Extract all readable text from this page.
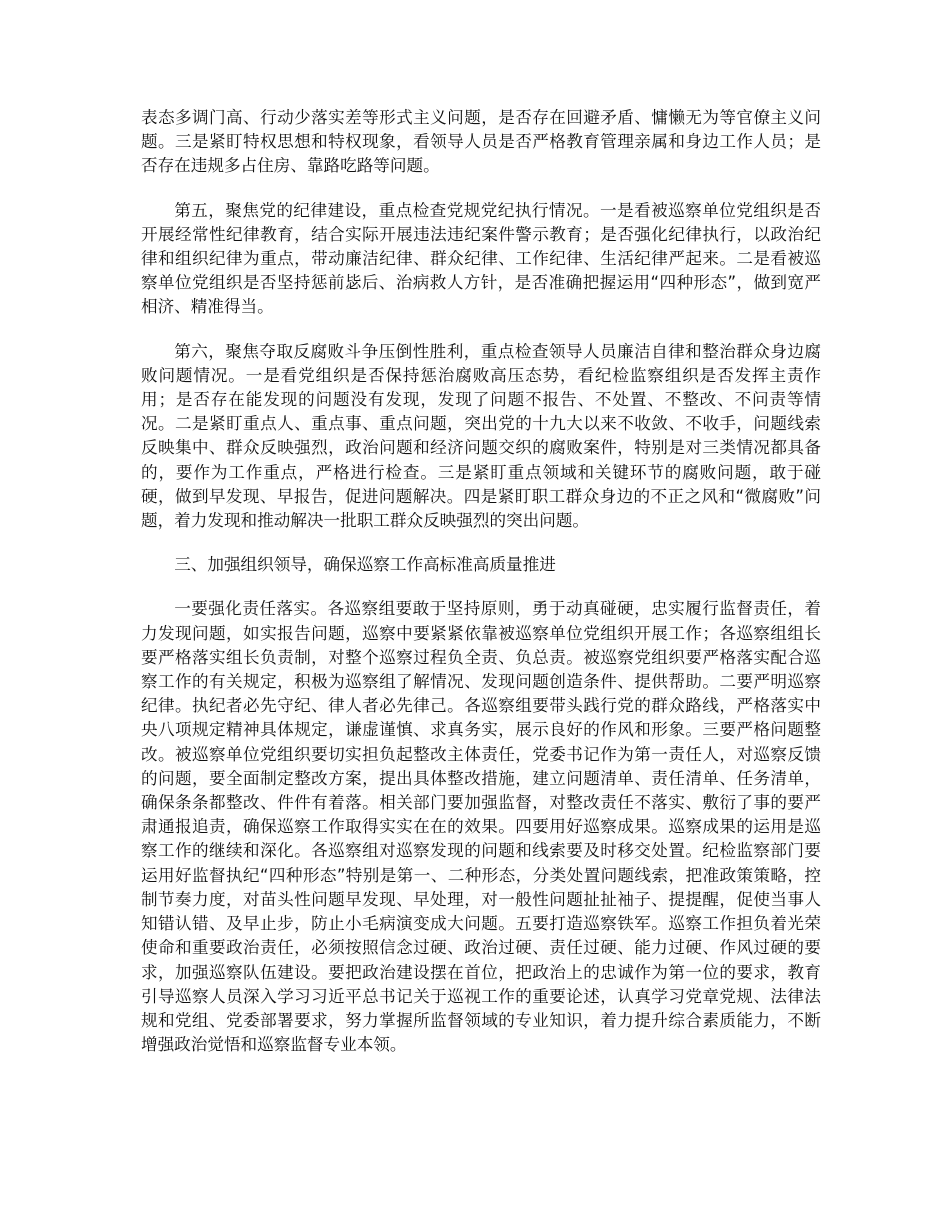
表态多调门高、行动少落实差等形式主义问题，是否存在回避矛盾、慵懒无为等官僚主义问题。三是紧盯特权思想和特权现象，看领导人员是否严格教育管理亲属和身边工作人员；是否存在违规多占住房、靠路吃路等问题。

第五，聚焦党的纪律建设，重点检查党规党纪执行情况。一是看被巡察单位党组织是否开展经常性纪律教育，结合实际开展违法违纪案件警示教育；是否强化纪律执行，以政治纪律和组织纪律为重点，带动廉洁纪律、群众纪律、工作纪律、生活纪律严起来。二是看被巡察单位党组织是否坚持惩前毖后、治病救人方针，是否准确把握运用“四种形态”，做到宽严相济、精准得当。

第六，聚焦夺取反腐败斗争压倒性胜利，重点检查领导人员廉洁自律和整治群众身边腐败问题情况。一是看党组织是否保持惩治腐败高压态势，看纪检监察组织是否发挥主责作用；是否存在能发现的问题没有发现，发现了问题不报告、不处置、不整改、不问责等情况。二是紧盯重点人、重点事、重点问题，突出党的十九大以来不收敛、不收手，问题线索反映集中、群众反映强烈，政治问题和经济问题交织的腐败案件，特别是对三类情况都具备的，要作为工作重点，严格进行检查。三是紧盯重点领域和关键环节的腐败问题，敢于碰硬，做到早发现、早报告，促进问题解决。四是紧盯职工群众身边的不正之风和“微腐败”问题，着力发现和推动解决一批职工群众反映强烈的突出问题。

三、加强组织领导，确保巡察工作高标准高质量推进

一要强化责任落实。各巡察组要敢于坚持原则，勇于动真碰硬，忠实履行监督责任，着力发现问题，如实报告问题，巡察中要紧紧依靠被巡察单位党组织开展工作；各巡察组组长要严格落实组长负责制，对整个巡察过程负全责、负总责。被巡察党组织要严格落实配合巡察工作的有关规定，积极为巡察组了解情况、发现问题创造条件、提供帮助。二要严明巡察纪律。执纪者必先守纪、律人者必先律己。各巡察组要带头践行党的群众路线，严格落实中央八项规定精神具体规定，谦虚谨慎、求真务实，展示良好的作风和形象。三要严格问题整改。被巡察单位党组织要切实担负起整改主体责任，党委书记作为第一责任人，对巡察反馈的问题，要全面制定整改方案，提出具体整改措施，建立问题清单、责任清单、任务清单，确保条条都整改、件件有着落。相关部门要加强监督，对整改责任不落实、敷衍了事的要严肃通报追责，确保巡察工作取得实实在在的效果。四要用好巡察成果。巡察成果的运用是巡察工作的继续和深化。各巡察组对巡察发现的问题和线索要及时移交处置。纪检监察部门要运用好监督执纪“四种形态”特别是第一、二种形态，分类处置问题线索，把准政策策略，控制节奏力度，对苗头性问题早发现、早处理，对一般性问题扯扯袖子、提提醒，促使当事人知错认错、及早止步，防止小毛病演变成大问题。五要打造巡察铁军。巡察工作担负着光荣使命和重要政治责任，必须按照信念过硬、政治过硬、责任过硬、能力过硬、作风过硬的要求，加强巡察队伍建设。要把政治建设摆在首位，把政治上的忠诚作为第一位的要求，教育引导巡察人员深入学习习近平总书记关于巡视工作的重要论述，认真学习党章党规、法律法规和党组、党委部署要求，努力掌握所监督领域的专业知识，着力提升综合素质能力，不断增强政治觉悟和巡察监督专业本领。
